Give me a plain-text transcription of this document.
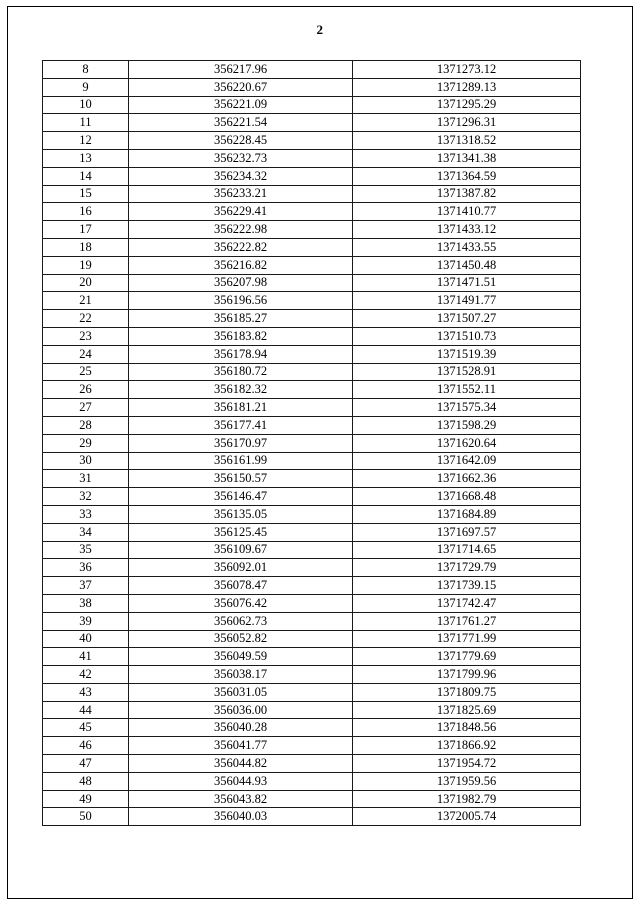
2
8	356217.96	1371273.12
9	356220.67	1371289.13
10	356221.09	1371295.29
11	356221.54	1371296.31
12	356228.45	1371318.52
13	356232.73	1371341.38
14	356234.32	1371364.59
15	356233.21	1371387.82
16	356229.41	1371410.77
17	356222.98	1371433.12
18	356222.82	1371433.55
19	356216.82	1371450.48
20	356207.98	1371471.51
21	356196.56	1371491.77
22	356185.27	1371507.27
23	356183.82	1371510.73
24	356178.94	1371519.39
25	356180.72	1371528.91
26	356182.32	1371552.11
27	356181.21	1371575.34
28	356177.41	1371598.29
29	356170.97	1371620.64
30	356161.99	1371642.09
31	356150.57	1371662.36
32	356146.47	1371668.48
33	356135.05	1371684.89
34	356125.45	1371697.57
35	356109.67	1371714.65
36	356092.01	1371729.79
37	356078.47	1371739.15
38	356076.42	1371742.47
39	356062.73	1371761.27
40	356052.82	1371771.99
41	356049.59	1371779.69
42	356038.17	1371799.96
43	356031.05	1371809.75
44	356036.00	1371825.69
45	356040.28	1371848.56
46	356041.77	1371866.92
47	356044.82	1371954.72
48	356044.93	1371959.56
49	356043.82	1371982.79
50	356040.03	1372005.74
